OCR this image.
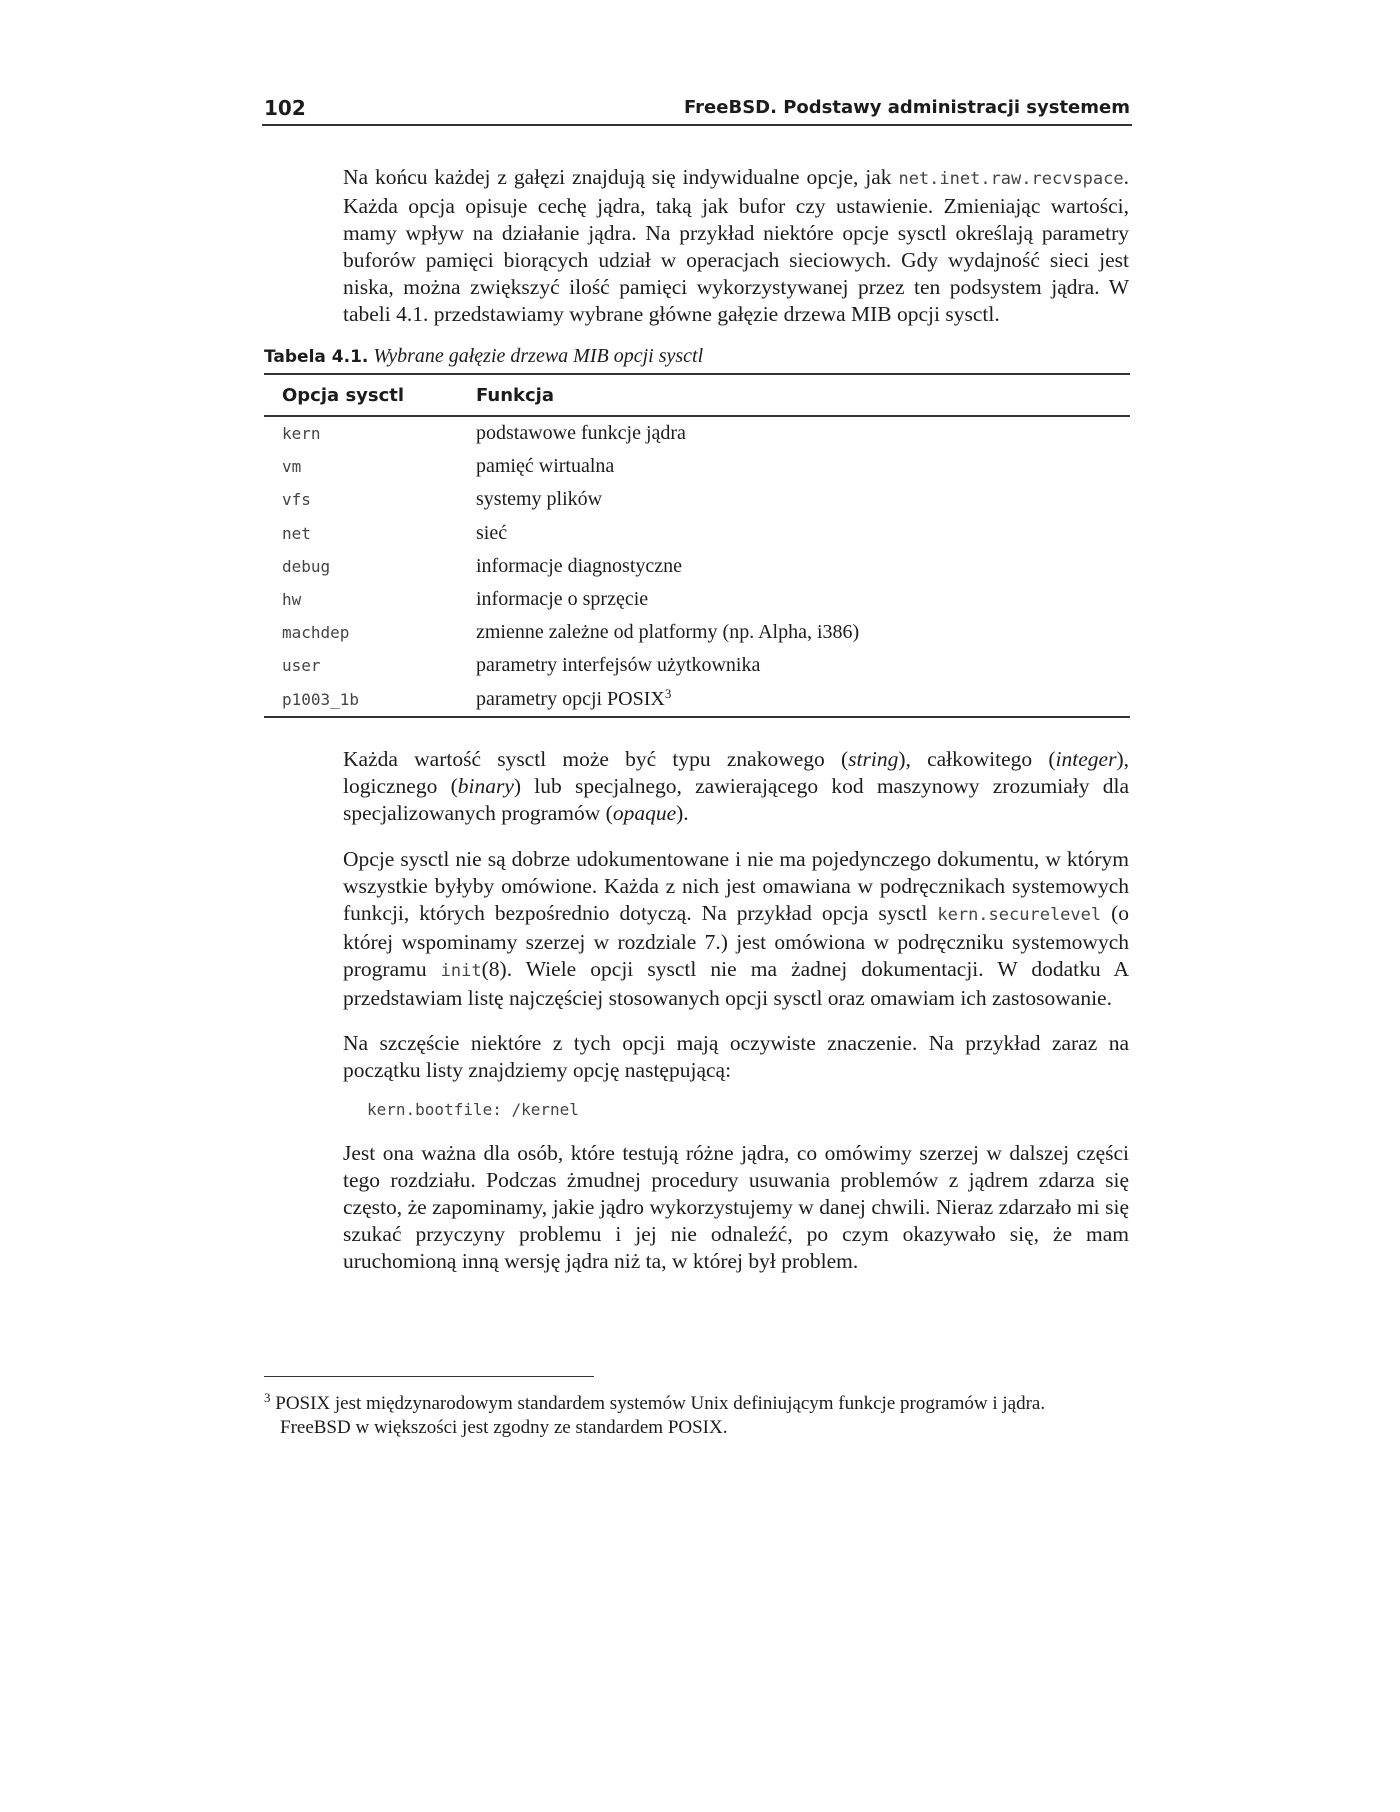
102	FreeBSD. Podstawy administracji systemem

Na końcu każdej z gałęzi znajdują się indywidualne opcje, jak net.inet.raw.recvspace. Każda opcja opisuje cechę jądra, taką jak bufor czy ustawienie. Zmieniając wartości, mamy wpływ na działanie jądra. Na przykład niektóre opcje sysctl określają parametry buforów pamięci biorących udział w operacjach sieciowych. Gdy wydajność sieci jest niska, można zwiększyć ilość pamięci wykorzystywanej przez ten podsystem jądra. W tabeli 4.1. przedstawiamy wybrane główne gałęzie drzewa MIB opcji sysctl.

Tabela 4.1. Wybrane gałęzie drzewa MIB opcji sysctl
Opcja sysctl	Funkcja
kern	podstawowe funkcje jądra
vm	pamięć wirtualna
vfs	systemy plików
net	sieć
debug	informacje diagnostyczne
hw	informacje o sprzęcie
machdep	zmienne zależne od platformy (np. Alpha, i386)
user	parametry interfejsów użytkownika
p1003_1b	parametry opcji POSIX$^3$

Każda wartość sysctl może być typu znakowego (string), całkowitego (integer), logicznego (binary) lub specjalnego, zawierającego kod maszynowy zrozumiały dla specjalizowanych programów (opaque).

Opcje sysctl nie są dobrze udokumentowane i nie ma pojedynczego dokumentu, w którym wszystkie byłyby omówione. Każda z nich jest omawiana w podręcznikach systemowych funkcji, których bezpośrednio dotyczą. Na przykład opcja sysctl kern.securelevel (o której wspominamy szerzej w rozdziale 7.) jest omówiona w podręczniku systemowych programu init(8). Wiele opcji sysctl nie ma żadnej dokumentacji. W dodatku A przedstawiam listę najczęściej stosowanych opcji sysctl oraz omawiam ich zastosowanie.

Na szczęście niektóre z tych opcji mają oczywiste znaczenie. Na przykład zaraz na początku listy znajdziemy opcję następującą:

kern.bootfile: /kernel

Jest ona ważna dla osób, które testują różne jądra, co omówimy szerzej w dalszej części tego rozdziału. Podczas żmudnej procedury usuwania problemów z jądrem zdarza się często, że zapominamy, jakie jądro wykorzystujemy w danej chwili. Nieraz zdarzało mi się szukać przyczyny problemu i jej nie odnaleźć, po czym okazywało się, że mam uruchomioną inną wersję jądra niż ta, w której był problem.

$^3$ POSIX jest międzynarodowym standardem systemów Unix definiującym funkcje programów i jądra.
FreeBSD w większości jest zgodny ze standardem POSIX.
